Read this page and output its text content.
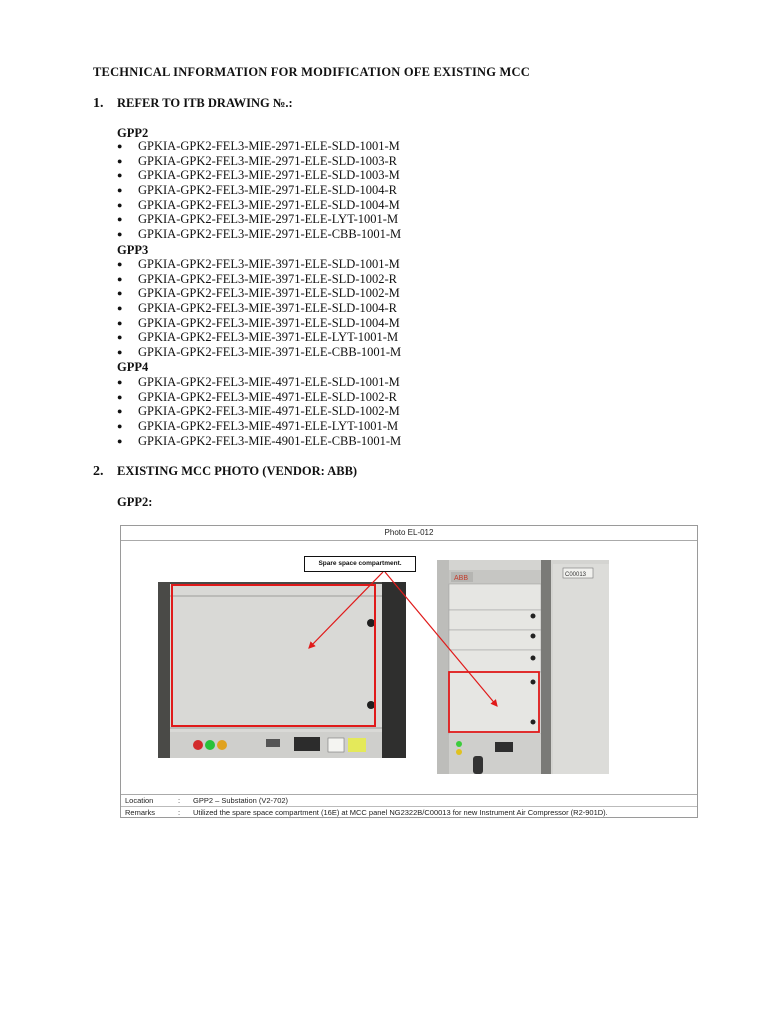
TECHNICAL INFORMATION FOR MODIFICATION OFE EXISTING MCC
1. REFER TO ITB DRAWING №.:
GPP2
● GPKIA-GPK2-FEL3-MIE-2971-ELE-SLD-1001-M
● GPKIA-GPK2-FEL3-MIE-2971-ELE-SLD-1003-R
● GPKIA-GPK2-FEL3-MIE-2971-ELE-SLD-1003-M
● GPKIA-GPK2-FEL3-MIE-2971-ELE-SLD-1004-R
● GPKIA-GPK2-FEL3-MIE-2971-ELE-SLD-1004-M
● GPKIA-GPK2-FEL3-MIE-2971-ELE-LYT-1001-M
● GPKIA-GPK2-FEL3-MIE-2971-ELE-CBB-1001-M
GPP3
● GPKIA-GPK2-FEL3-MIE-3971-ELE-SLD-1001-M
● GPKIA-GPK2-FEL3-MIE-3971-ELE-SLD-1002-R
● GPKIA-GPK2-FEL3-MIE-3971-ELE-SLD-1002-M
● GPKIA-GPK2-FEL3-MIE-3971-ELE-SLD-1004-R
● GPKIA-GPK2-FEL3-MIE-3971-ELE-SLD-1004-M
● GPKIA-GPK2-FEL3-MIE-3971-ELE-LYT-1001-M
● GPKIA-GPK2-FEL3-MIE-3971-ELE-CBB-1001-M
GPP4
● GPKIA-GPK2-FEL3-MIE-4971-ELE-SLD-1001-M
● GPKIA-GPK2-FEL3-MIE-4971-ELE-SLD-1002-R
● GPKIA-GPK2-FEL3-MIE-4971-ELE-SLD-1002-M
● GPKIA-GPK2-FEL3-MIE-4971-ELE-LYT-1001-M
● GPKIA-GPK2-FEL3-MIE-4901-ELE-CBB-1001-M
2. EXISTING MCC PHOTO (VENDOR: ABB)
GPP2:
Photo EL-012
ABB	C00013
Spare space compartment.
Location	: GPP2 – Substation (V2-702)
Remarks	: Utilized the spare space compartment (16E) at MCC panel NG2322B/C00013 for new Instrument Air Compressor (R2-901D).
